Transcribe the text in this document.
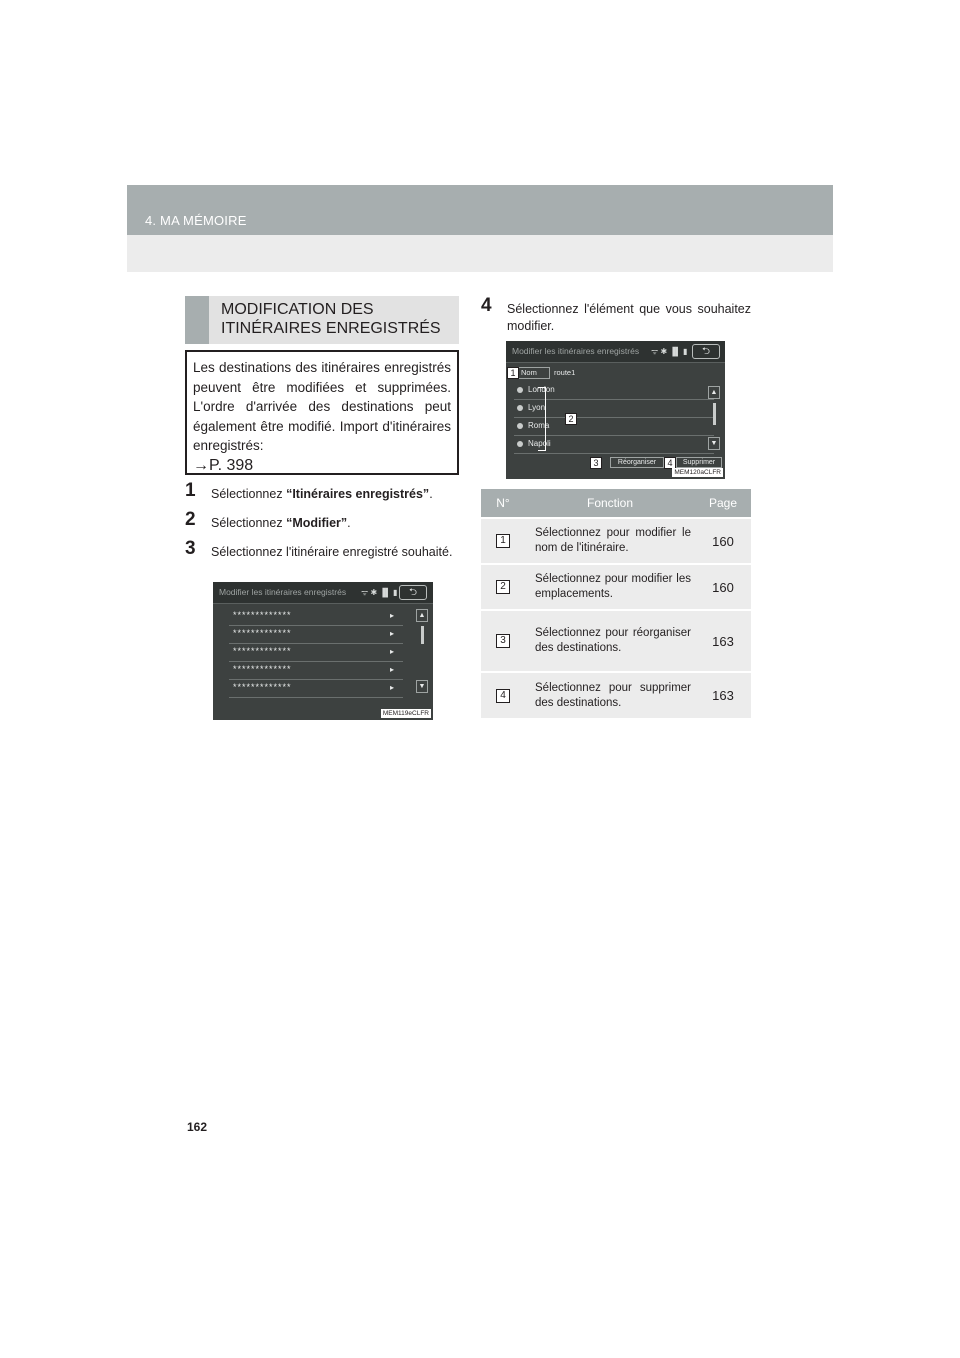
4. MA MÉMOIRE
MODIFICATION DES
ITINÉRAIRES ENREGISTRÉS
Les destinations des itinéraires enregistrés peuvent être modifiées et supprimées. L'ordre d'arrivée des destinations peut également être modifié. Import d'itinéraires enregistrés:
→P. 398
1	Sélectionnez “Itinéraires enregistrés”.
2	Sélectionnez “Modifier”.
3	Sélectionnez l'itinéraire enregistré souhaité.
4	Sélectionnez l'élément que vous souhaitez modifier.
Modifier les itinéraires enregistrés ᯤ ✱ ▐▌ ▮	⮌
*************	▸
*************	▸
*************	▸
*************	▸
*************	▸
▲
▼
MEM119eCLFR
Modifier les itinéraires enregistrés ᯤ ✱ ▐▌ ▮	⮌
Nom	route1
London
Lyon
Roma
Napoli
▲
▼
Réorganiser	Supprimer
1
2
3	4
MEM120aCLFR
N°	Fonction	Page
1	Sélectionnez pour modifier le nom de l'itinéraire.	160
2	Sélectionnez pour modifier les emplacements.	160
3	Sélectionnez pour réorganiser des destinations.	163
4	Sélectionnez pour supprimer des destinations.	163
162
